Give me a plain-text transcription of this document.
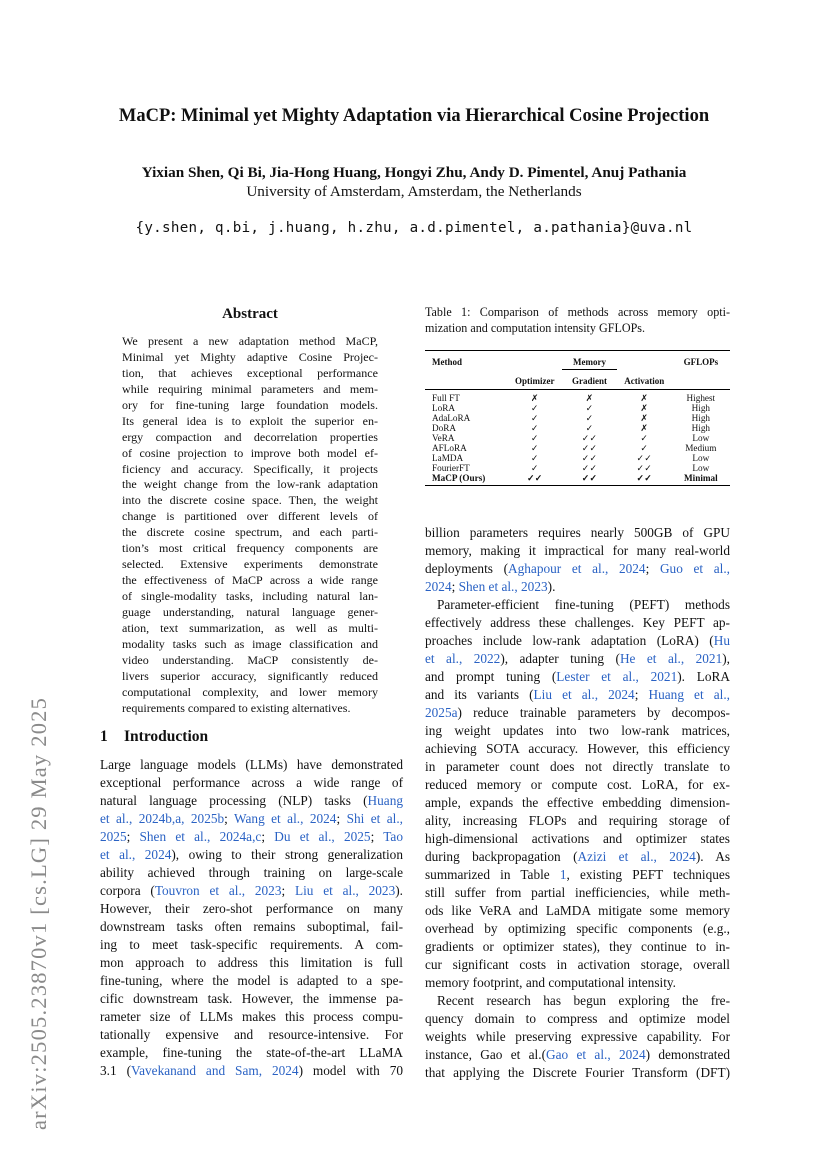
arXiv:2505.23870v1 [cs.LG] 29 May 2025
MaCP: Minimal yet Mighty Adaptation via Hierarchical Cosine Projection
Yixian Shen, Qi Bi, Jia-Hong Huang, Hongyi Zhu, Andy D. Pimentel, Anuj Pathania
University of Amsterdam, Amsterdam, the Netherlands
{y.shen, q.bi, j.huang, h.zhu, a.d.pimentel, a.pathania}@uva.nl
Abstract
We present a new adaptation method MaCP,
Minimal yet Mighty adaptive Cosine Projec-
tion, that achieves exceptional performance
while requiring minimal parameters and mem-
ory for fine-tuning large foundation models.
Its general idea is to exploit the superior en-
ergy compaction and decorrelation properties
of cosine projection to improve both model ef-
ficiency and accuracy. Specifically, it projects
the weight change from the low-rank adaptation
into the discrete cosine space. Then, the weight
change is partitioned over different levels of
the discrete cosine spectrum, and each parti-
tion’s most critical frequency components are
selected. Extensive experiments demonstrate
the effectiveness of MaCP across a wide range
of single-modality tasks, including natural lan-
guage understanding, natural language gener-
ation, text summarization, as well as multi-
modality tasks such as image classification and
video understanding. MaCP consistently de-
livers superior accuracy, significantly reduced
computational complexity, and lower memory
requirements compared to existing alternatives.
1 Introduction
Large language models (LLMs) have demonstrated
exceptional performance across a wide range of
natural language processing (NLP) tasks (Huang
et al., 2024b,a, 2025b; Wang et al., 2024; Shi et al.,
2025; Shen et al., 2024a,c; Du et al., 2025; Tao
et al., 2024), owing to their strong generalization
ability achieved through training on large-scale
corpora (Touvron et al., 2023; Liu et al., 2023).
However, their zero-shot performance on many
downstream tasks often remains suboptimal, fail-
ing to meet task-specific requirements. A com-
mon approach to address this limitation is full
fine-tuning, where the model is adapted to a spe-
cific downstream task. However, the immense pa-
rameter size of LLMs makes this process compu-
tationally expensive and resource-intensive. For
example, fine-tuning the state-of-the-art LLaMA
3.1 (Vavekanand and Sam, 2024) model with 70
Table 1: Comparison of methods across memory opti-
mization and computation intensity GFLOPs.
Method		Memory		GFLOPs
	Optimizer	Gradient	Activation	
Full FT	✗	✗	✗	Highest
LoRA	✓	✓	✗	High
AdaLoRA	✓	✓	✗	High
DoRA	✓	✓	✗	High
VeRA	✓	✓✓	✓	Low
AFLoRA	✓	✓✓	✓	Medium
LaMDA	✓	✓✓	✓✓	Low
FourierFT	✓	✓✓	✓✓	Low
MaCP (Ours)	✓✓	✓✓	✓✓	Minimal
billion parameters requires nearly 500GB of GPU
memory, making it impractical for many real-world
deployments (Aghapour et al., 2024; Guo et al.,
2024; Shen et al., 2023).
Parameter-efficient fine-tuning (PEFT) methods
effectively address these challenges. Key PEFT ap-
proaches include low-rank adaptation (LoRA) (Hu
et al., 2022), adapter tuning (He et al., 2021),
and prompt tuning (Lester et al., 2021). LoRA
and its variants (Liu et al., 2024; Huang et al.,
2025a) reduce trainable parameters by decompos-
ing weight updates into two low-rank matrices,
achieving SOTA accuracy. However, this efficiency
in parameter count does not directly translate to
reduced memory or compute cost. LoRA, for ex-
ample, expands the effective embedding dimension-
ality, increasing FLOPs and requiring storage of
high-dimensional activations and optimizer states
during backpropagation (Azizi et al., 2024). As
summarized in Table 1, existing PEFT techniques
still suffer from partial inefficiencies, while meth-
ods like VeRA and LaMDA mitigate some memory
overhead by optimizing specific components (e.g.,
gradients or optimizer states), they continue to in-
cur significant costs in activation storage, overall
memory footprint, and computational intensity.
Recent research has begun exploring the fre-
quency domain to compress and optimize model
weights while preserving expressive capability. For
instance, Gao et al.(Gao et al., 2024) demonstrated
that applying the Discrete Fourier Transform (DFT)
